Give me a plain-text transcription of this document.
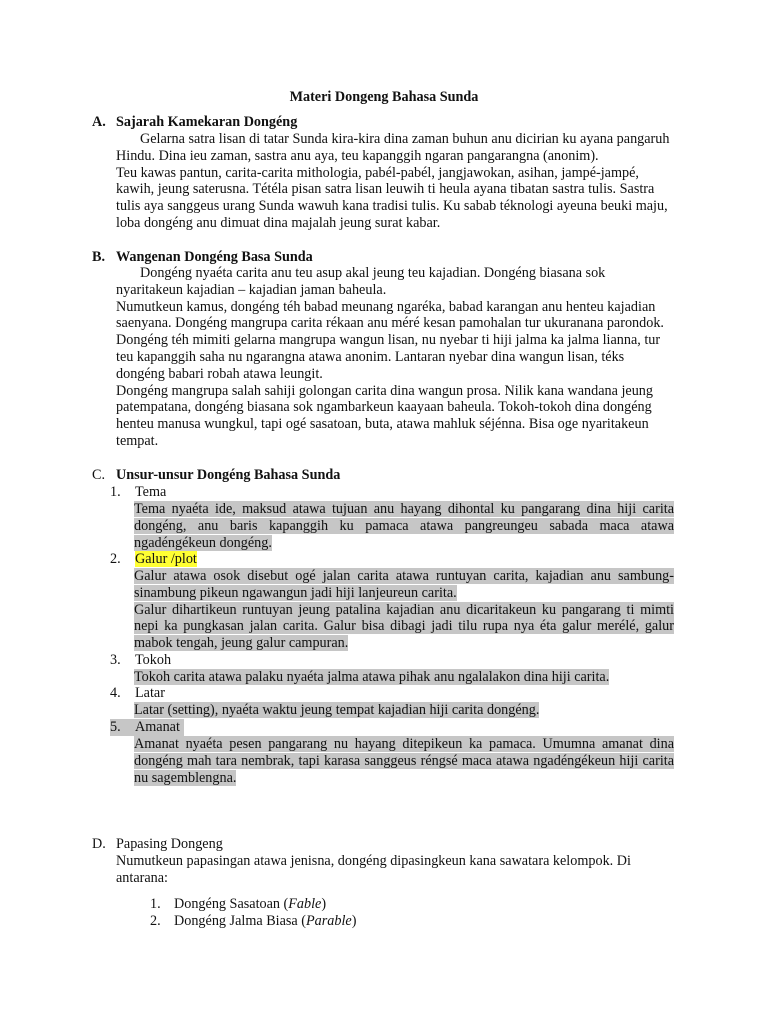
Materi Dongeng Bahasa Sunda
A. Sajarah Kamekaran Dongéng

Gelarna satra lisan di tatar Sunda kira-kira dina zaman buhun anu dicirian ku ayana pangaruh Hindu. Dina ieu zaman, sastra anu aya, teu kapanggih ngaran pangarangna (anonim).

Teu kawas pantun, carita-carita mithologia, pabél-pabél, jangjawokan, asihan, jampé-jampé, kawih, jeung saterusna. Tétéla pisan satra lisan leuwih ti heula ayana tibatan sastra tulis. Sastra tulis aya sanggeus urang Sunda wawuh kana tradisi tulis. Ku sabab téknologi ayeuna beuki maju, loba dongéng anu dimuat dina majalah jeung surat kabar.

B. Wangenan Dongéng Basa Sunda

Dongéng nyaéta carita anu teu asup akal jeung teu kajadian. Dongéng biasana sok nyaritakeun kajadian – kajadian jaman baheula.

Numutkeun kamus, dongéng téh babad meunang ngaréka, babad karangan anu henteu kajadian saenyana. Dongéng mangrupa carita rékaan anu méré kesan pamohalan tur ukuranana parondok.

Dongéng téh mimiti gelarna mangrupa wangun lisan, nu nyebar ti hiji jalma ka jalma lianna, tur teu kapanggih saha nu ngarangna atawa anonim. Lantaran nyebar dina wangun lisan, téks dongéng babari robah atawa leungit.

Dongéng mangrupa salah sahiji golongan carita dina wangun prosa. Nilik kana wandana jeung patempatana, dongéng biasana sok ngambarkeun kaayaan baheula. Tokoh-tokoh dina dongéng henteu manusa wungkul, tapi ogé sasatoan, buta, atawa mahluk séjénna. Bisa oge nyaritakeun tempat.

C. Unsur-unsur Dongéng Bahasa Sunda
1. Tema

Tema nyaéta ide, maksud atawa tujuan anu hayang dihontal ku pangarang dina hiji carita dongéng, anu baris kapanggih ku pamaca atawa pangreungeu sabada maca atawa ngadéngékeun dongéng.

2. Galur /plot

Galur atawa osok disebut ogé jalan carita atawa runtuyan carita, kajadian anu sambung-sinambung pikeun ngawangun jadi hiji lanjeureun carita.

Galur dihartikeun runtuyan jeung patalina kajadian anu dicaritakeun ku pangarang ti mimti nepi ka pungkasan jalan carita. Galur bisa dibagi jadi tilu rupa nya éta galur merélé, galur mabok tengah, jeung galur campuran.

3. Tokoh

Tokoh carita atawa palaku nyaéta jalma atawa pihak anu ngalalakon dina hiji carita.

4. Latar

Latar (setting), nyaéta waktu jeung tempat kajadian hiji carita dongéng.

5. Amanat

Amanat nyaéta pesen pangarang nu hayang ditepikeun ka pamaca. Umumna amanat dina dongéng mah tara nembrak, tapi karasa sanggeus réngsé maca atawa ngadéngékeun hiji carita nu sagemblengna.

D. Papasing Dongeng

Numutkeun papasingan atawa jenisna, dongéng dipasingkeun kana sawatara kelompok. Di antarana:

1. Dongéng Sasatoan (Fable)
2. Dongéng Jalma Biasa (Parable)
